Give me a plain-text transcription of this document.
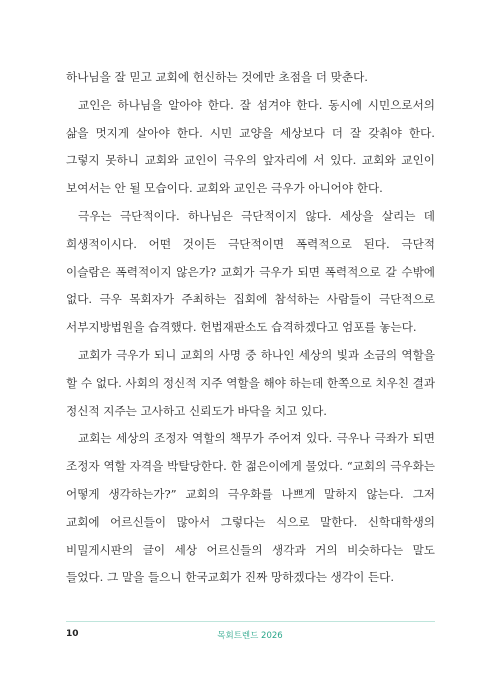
하나님을 잘 믿고 교회에 헌신하는 것에만 초점을 더 맞춘다.

교인은 하나님을 알아야 한다. 잘 섬겨야 한다. 동시에 시민으로서의 삶을 멋지게 살아야 한다. 시민 교양을 세상보다 더 잘 갖춰야 한다. 그렇지 못하니 교회와 교인이 극우의 앞자리에 서 있다. 교회와 교인이 보여서는 안 될 모습이다. 교회와 교인은 극우가 아니어야 한다.

극우는 극단적이다. 하나님은 극단적이지 않다. 세상을 살리는 데 희생적이시다. 어떤 것이든 극단적이면 폭력적으로 된다. 극단적 이슬람은 폭력적이지 않은가? 교회가 극우가 되면 폭력적으로 갈 수밖에 없다. 극우 목회자가 주최하는 집회에 참석하는 사람들이 극단적으로 서부지방법원을 습격했다. 헌법재판소도 습격하겠다고 엄포를 놓는다.

교회가 극우가 되니 교회의 사명 중 하나인 세상의 빛과 소금의 역할을 할 수 없다. 사회의 정신적 지주 역할을 해야 하는데 한쪽으로 치우친 결과 정신적 지주는 고사하고 신뢰도가 바닥을 치고 있다.

교회는 세상의 조정자 역할의 책무가 주어져 있다. 극우나 극좌가 되면 조정자 역할 자격을 박탈당한다. 한 젊은이에게 물었다. “교회의 극우화는 어떻게 생각하는가?” 교회의 극우화를 나쁘게 말하지 않는다. 그저 교회에 어르신들이 많아서 그렇다는 식으로 말한다. 신학대학생의 비밀게시판의 글이 세상 어르신들의 생각과 거의 비슷하다는 말도 들었다. 그 말을 들으니 한국교회가 진짜 망하겠다는 생각이 든다.

10	목회트렌드 2026
